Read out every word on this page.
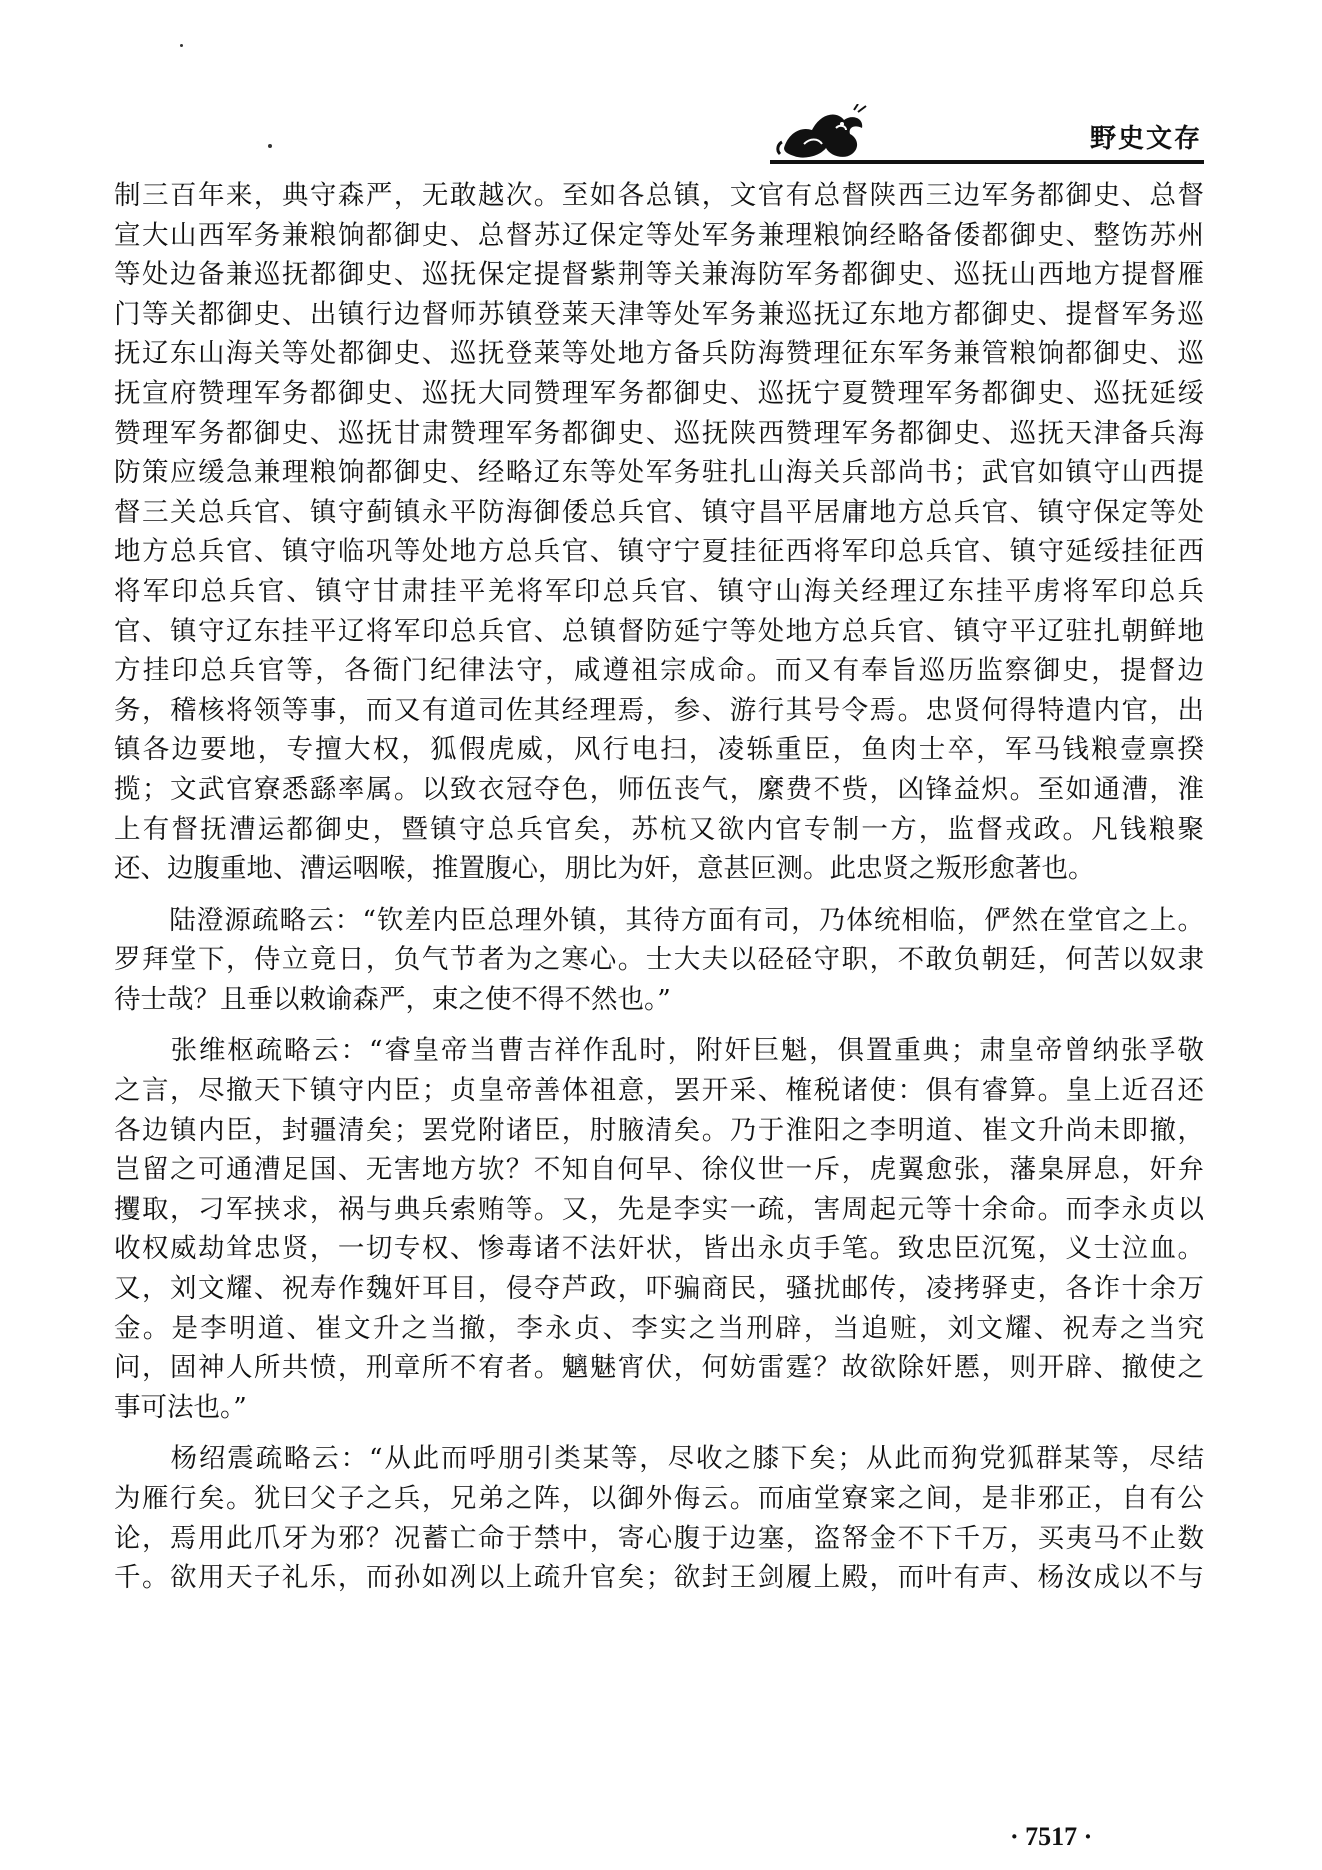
野史文存
制三百年来，典守森严，无敢越次。至如各总镇，文官有总督陕西三边军务都御史、总督
宣大山西军务兼粮饷都御史、总督苏辽保定等处军务兼理粮饷经略备倭都御史、整饬苏州
等处边备兼巡抚都御史、巡抚保定提督紫荆等关兼海防军务都御史、巡抚山西地方提督雁
门等关都御史、出镇行边督师苏镇登莱天津等处军务兼巡抚辽东地方都御史、提督军务巡
抚辽东山海关等处都御史、巡抚登莱等处地方备兵防海赞理征东军务兼管粮饷都御史、巡
抚宣府赞理军务都御史、巡抚大同赞理军务都御史、巡抚宁夏赞理军务都御史、巡抚延绥
赞理军务都御史、巡抚甘肃赞理军务都御史、巡抚陕西赞理军务都御史、巡抚天津备兵海
防策应缓急兼理粮饷都御史、经略辽东等处军务驻扎山海关兵部尚书；武官如镇守山西提
督三关总兵官、镇守蓟镇永平防海御倭总兵官、镇守昌平居庸地方总兵官、镇守保定等处
地方总兵官、镇守临巩等处地方总兵官、镇守宁夏挂征西将军印总兵官、镇守延绥挂征西
将军印总兵官、镇守甘肃挂平羌将军印总兵官、镇守山海关经理辽东挂平虏将军印总兵
官、镇守辽东挂平辽将军印总兵官、总镇督防延宁等处地方总兵官、镇守平辽驻扎朝鲜地
方挂印总兵官等，各衙门纪律法守，咸遵祖宗成命。而又有奉旨巡历监察御史，提督边
务，稽核将领等事，而又有道司佐其经理焉，参、游行其号令焉。忠贤何得特遣内官，出
镇各边要地，专擅大权，狐假虎威，风行电扫，凌轹重臣，鱼肉士卒，军马钱粮壹禀揆
揽；文武官寮悉繇率属。以致衣冠夺色，师伍丧气，縻费不赀，凶锋益炽。至如通漕，淮
上有督抚漕运都御史，暨镇守总兵官矣，苏杭又欲内官专制一方，监督戎政。凡钱粮聚
还、边腹重地、漕运咽喉，推置腹心，朋比为奸，意甚叵测。此忠贤之叛形愈著也。
　　陆澄源疏略云：“钦差内臣总理外镇，其待方面有司，乃体统相临，俨然在堂官之上。
罗拜堂下，侍立竟日，负气节者为之寒心。士大夫以硁硁守职，不敢负朝廷，何苦以奴隶
待士哉？且垂以敕谕森严，束之使不得不然也。”
　　张维枢疏略云：“睿皇帝当曹吉祥作乱时，附奸巨魁，俱置重典；肃皇帝曾纳张孚敬
之言，尽撤天下镇守内臣；贞皇帝善体祖意，罢开采、榷税诸使：俱有睿算。皇上近召还
各边镇内臣，封疆清矣；罢党附诸臣，肘腋清矣。乃于淮阳之李明道、崔文升尚未即撤，
岂留之可通漕足国、无害地方欤？不知自何早、徐仪世一斥，虎翼愈张，藩臬屏息，奸弁
攫取，刁军挟求，祸与典兵索贿等。又，先是李实一疏，害周起元等十余命。而李永贞以
收权威劫耸忠贤，一切专权、惨毒诸不法奸状，皆出永贞手笔。致忠臣沉冤，义士泣血。
又，刘文耀、祝寿作魏奸耳目，侵夺芦政，吓骗商民，骚扰邮传，凌拷驿吏，各诈十余万
金。是李明道、崔文升之当撤，李永贞、李实之当刑辟，当追赃，刘文耀、祝寿之当究
问，固神人所共愤，刑章所不宥者。魑魅宵伏，何妨雷霆？故欲除奸慝，则开辟、撤使之
事可法也。”
　　杨绍震疏略云：“从此而呼朋引类某等，尽收之膝下矣；从此而狗党狐群某等，尽结
为雁行矣。犹曰父子之兵，兄弟之阵，以御外侮云。而庙堂寮寀之间，是非邪正，自有公
论，焉用此爪牙为邪？况蓄亡命于禁中，寄心腹于边塞，盗帑金不下千万，买夷马不止数
千。欲用天子礼乐，而孙如冽以上疏升官矣；欲封王剑履上殿，而叶有声、杨汝成以不与
· 7517 ·
